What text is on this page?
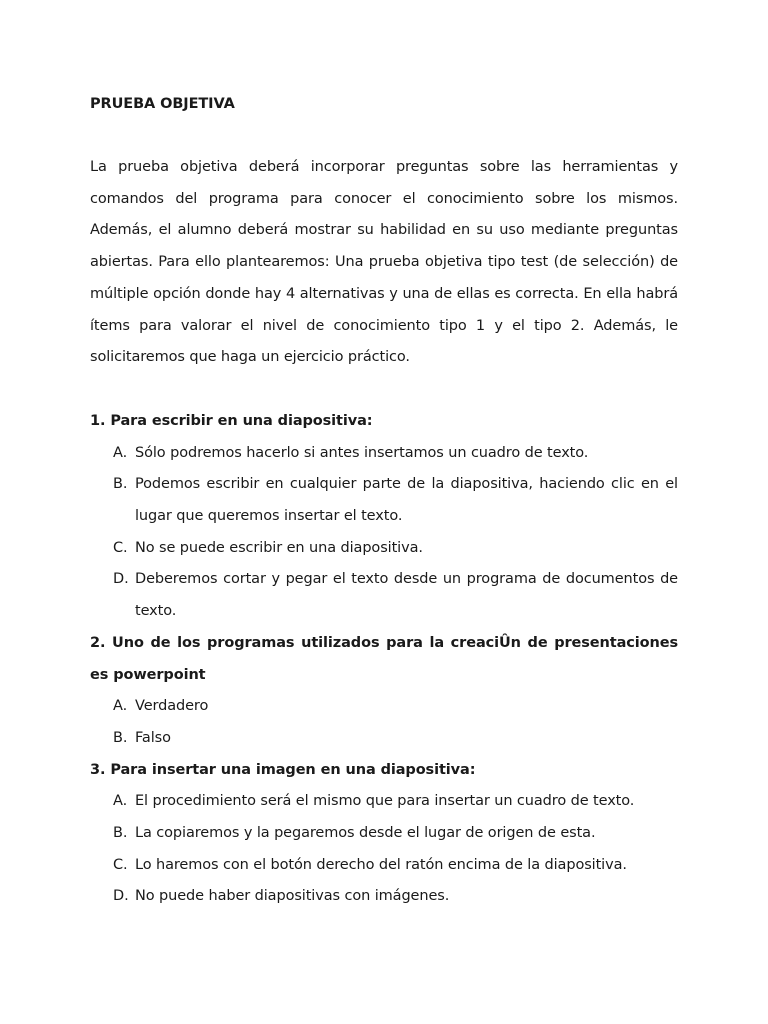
PRUEBA OBJETIVA

La prueba objetiva deberá incorporar preguntas sobre las herramientas y comandos del programa para conocer el conocimiento sobre los mismos. Además, el alumno deberá mostrar su habilidad en su uso mediante preguntas abiertas. Para ello plantearemos: Una prueba objetiva tipo test (de selección) de múltiple opción donde hay 4 alternativas y una de ellas es correcta. En ella habrá ítems para valorar el nivel de conocimiento tipo 1 y el tipo 2. Además, le solicitaremos que haga un ejercicio práctico.

1. Para escribir en una diapositiva:

A. Sólo podremos hacerlo si antes insertamos un cuadro de texto.
B. Podemos escribir en cualquier parte de la diapositiva, haciendo clic en el lugar que queremos insertar el texto.
C. No se puede escribir en una diapositiva.
D. Deberemos cortar y pegar el texto desde un programa de documentos de texto.

2. Uno de los programas utilizados para la creaciÛn de presentaciones es powerpoint

A. Verdadero
B. Falso

3. Para insertar una imagen en una diapositiva:

A. El procedimiento será el mismo que para insertar un cuadro de texto.
B. La copiaremos y la pegaremos desde el lugar de origen de esta.
C. Lo haremos con el botón derecho del ratón encima de la diapositiva.
D. No puede haber diapositivas con imágenes.
